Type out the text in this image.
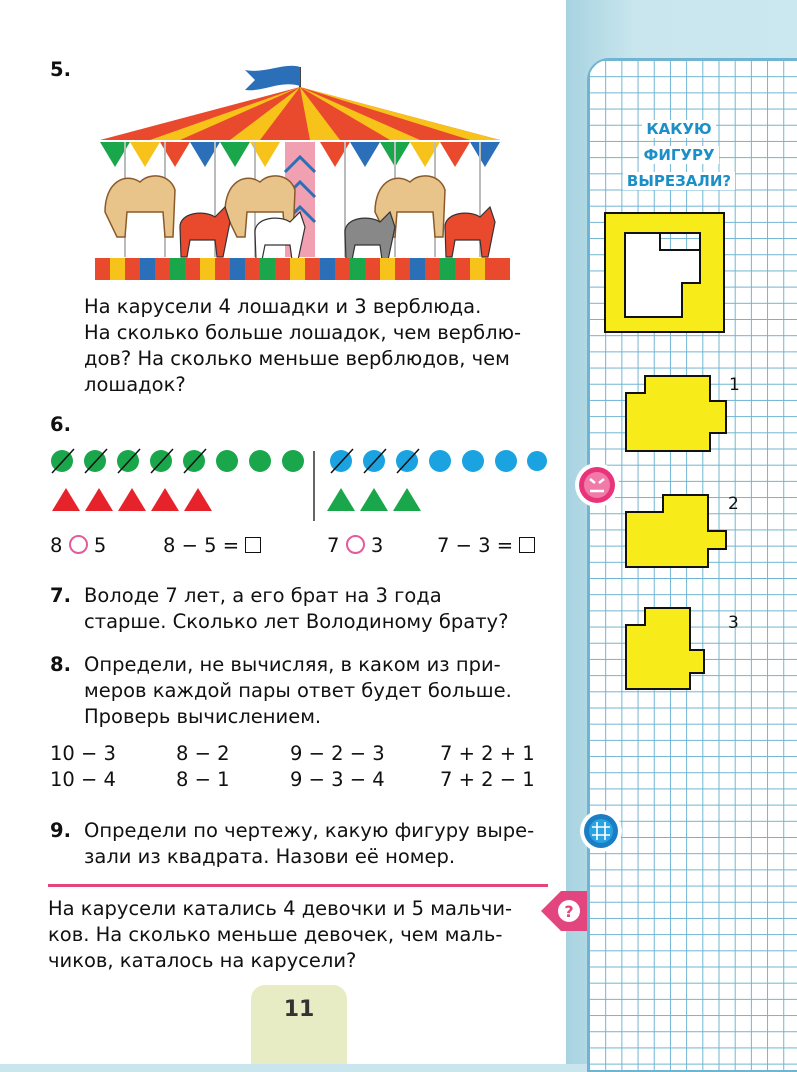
КАКУЮ
ФИГУРУ
ВЫРЕЗАЛИ?
1
2
3
5.
На карусели 4 лошадки и 3 верблюда.
На сколько больше лошадок, чем верблю-
дов? На сколько меньше верблюдов, чем
лошадок?
6.
8 5	8 − 5 =	7 3	7 − 3 =
7. Володе 7 лет, а его брат на 3 года
старше. Сколько лет Володиному брату?
8. Определи, не вычисляя, в каком из при-
меров каждой пары ответ будет больше.
Проверь вычислением.
10 − 3	8 − 2	9 − 2 − 3	7 + 2 + 1
10 − 4	8 − 1	9 − 3 − 4	7 + 2 − 1
9. Определи по чертежу, какую фигуру выре-
зали из квадрата. Назови её номер.
?
На карусели катались 4 девочки и 5 мальчи-
ков. На сколько меньше девочек, чем маль-
чиков, каталось на карусели?
11
